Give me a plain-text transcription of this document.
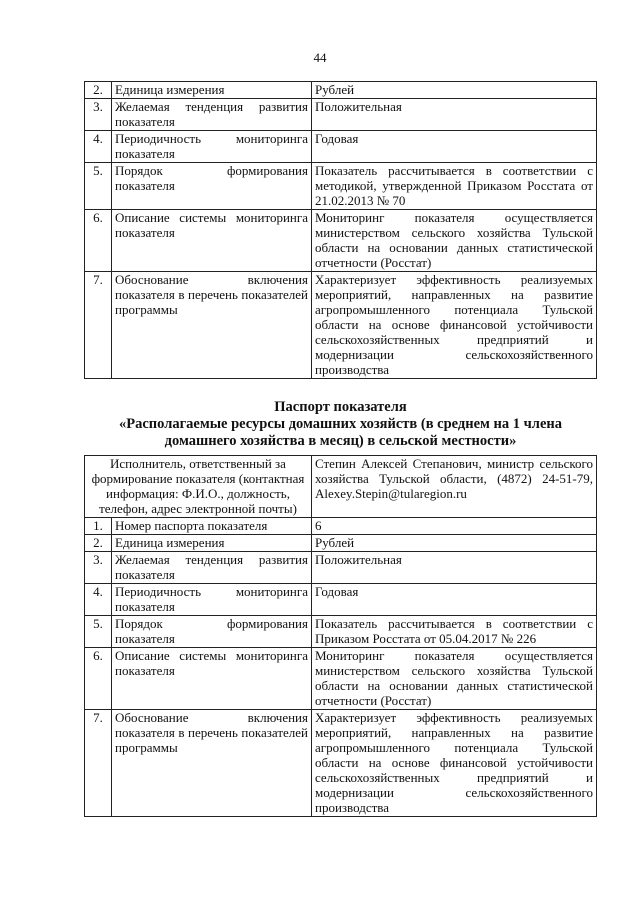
44
2.	Единица измерения	Рублей
3.	Желаемая тенденция развития показателя	Положительная
4.	Периодичность мониторинга показателя	Годовая
5.	Порядок формирования показателя	Показатель рассчитывается в соответствии с методикой, утвержденной Приказом Росстата от 21.02.2013 № 70
6.	Описание системы мониторинга показателя	Мониторинг показателя осуществляется министерством сельского хозяйства Тульской области на основании данных статистической отчетности (Росстат)
7.	Обоснование включения показателя в перечень показателей программы	Характеризует эффективность реализуемых мероприятий, направленных на развитие агропромышленного потенциала Тульской области на основе финансовой устойчивости сельскохозяйственных предприятий и модернизации сельскохозяйственного производства
Паспорт показателя
«Располагаемые ресурсы домашних хозяйств (в среднем на 1 члена домашнего хозяйства в месяц) в сельской местности»
Исполнитель, ответственный за формирование показателя (контактная информация: Ф.И.О., должность, телефон, адрес электронной почты)		Степин Алексей Степанович, министр сельского хозяйства Тульской области, (4872) 24-51-79, Alexey.Stepin@tularegion.ru
1.	Номер паспорта показателя	6
2.	Единица измерения	Рублей
3.	Желаемая тенденция развития показателя	Положительная
4.	Периодичность мониторинга показателя	Годовая
5.	Порядок формирования показателя	Показатель рассчитывается в соответствии с Приказом Росстата от 05.04.2017 № 226
6.	Описание системы мониторинга показателя	Мониторинг показателя осуществляется министерством сельского хозяйства Тульской области на основании данных статистической отчетности (Росстат)
7.	Обоснование включения показателя в перечень показателей программы	Характеризует эффективность реализуемых мероприятий, направленных на развитие агропромышленного потенциала Тульской области на основе финансовой устойчивости сельскохозяйственных предприятий и модернизации сельскохозяйственного производства
